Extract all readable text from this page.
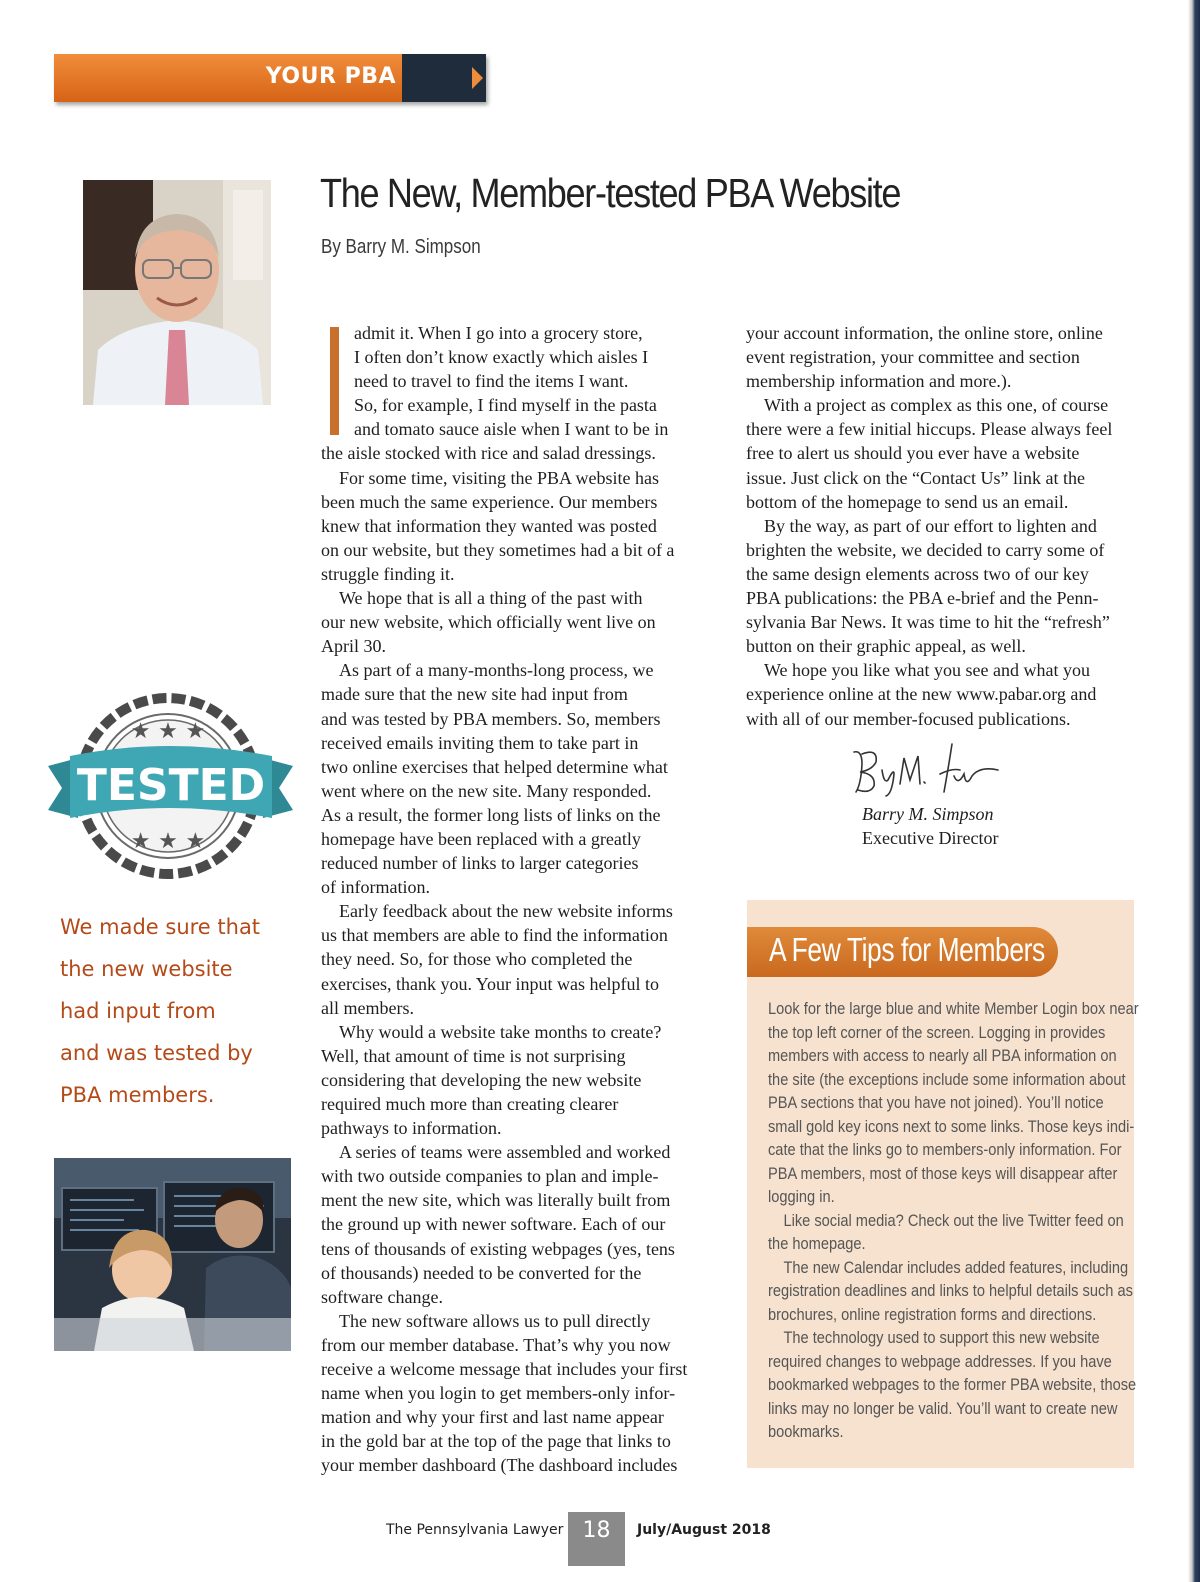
YOUR PBA
The New, Member-tested PBA Website
By Barry M. Simpson
★ ★ ★
★ ★ ★
TESTED

We made sure that

the new website

had input from

and was tested by

PBA members.

admit it. When I go into a grocery store,

I often don’t know exactly which aisles I

need to travel to find the items I want.

So, for example, I find myself in the pasta

and tomato sauce aisle when I want to be in

the aisle stocked with rice and salad dressings.

For some time, visiting the PBA website has

been much the same experience. Our members

knew that information they wanted was posted

on our website, but they sometimes had a bit of a

struggle finding it.

We hope that is all a thing of the past with

our new website, which officially went live on

April 30.

As part of a many-months-long process, we

made sure that the new site had input from

and was tested by PBA members. So, members

received emails inviting them to take part in

two online exercises that helped determine what

went where on the new site. Many responded.

As a result, the former long lists of links on the

homepage have been replaced with a greatly

reduced number of links to larger categories

of information.

Early feedback about the new website informs

us that members are able to find the information

they need. So, for those who completed the

exercises, thank you. Your input was helpful to

all members.

Why would a website take months to create?

Well, that amount of time is not surprising

considering that developing the new website

required much more than creating clearer

pathways to information.

A series of teams were assembled and worked

with two outside companies to plan and imple-

ment the new site, which was literally built from

the ground up with newer software. Each of our

tens of thousands of existing webpages (yes, tens

of thousands) needed to be converted for the

software change.

The new software allows us to pull directly

from our member database. That’s why you now

receive a welcome message that includes your first

name when you login to get members-only infor-

mation and why your first and last name appear

in the gold bar at the top of the page that links to

your member dashboard (The dashboard includes

your account information, the online store, online

event registration, your committee and section

membership information and more.).

With a project as complex as this one, of course

there were a few initial hiccups. Please always feel

free to alert us should you ever have a website

issue. Just click on the “Contact Us” link at the

bottom of the homepage to send us an email.

By the way, as part of our effort to lighten and

brighten the website, we decided to carry some of

the same design elements across two of our key

PBA publications: the PBA e-brief and the Penn-

sylvania Bar News. It was time to hit the “refresh”

button on their graphic appeal, as well.

We hope you like what you see and what you

experience online at the new www.pabar.org and

with all of our member-focused publications.

Barry M. Simpson

Executive Director

A Few Tips for Members

Look for the large blue and white Member Login box near

the top left corner of the screen. Logging in provides

members with access to nearly all PBA information on

the site (the exceptions include some information about

PBA sections that you have not joined). You’ll notice

small gold key icons next to some links. Those keys indi-

cate that the links go to members-only information. For

PBA members, most of those keys will disappear after

logging in.

Like social media? Check out the live Twitter feed on

the homepage.

The new Calendar includes added features, including

registration deadlines and links to helpful details such as

brochures, online registration forms and directions.

The technology used to support this new website

required changes to webpage addresses. If you have

bookmarked webpages to the former PBA website, those

links may no longer be valid. You’ll want to create new

bookmarks.

The Pennsylvania Lawyer 18	July/August 2018
